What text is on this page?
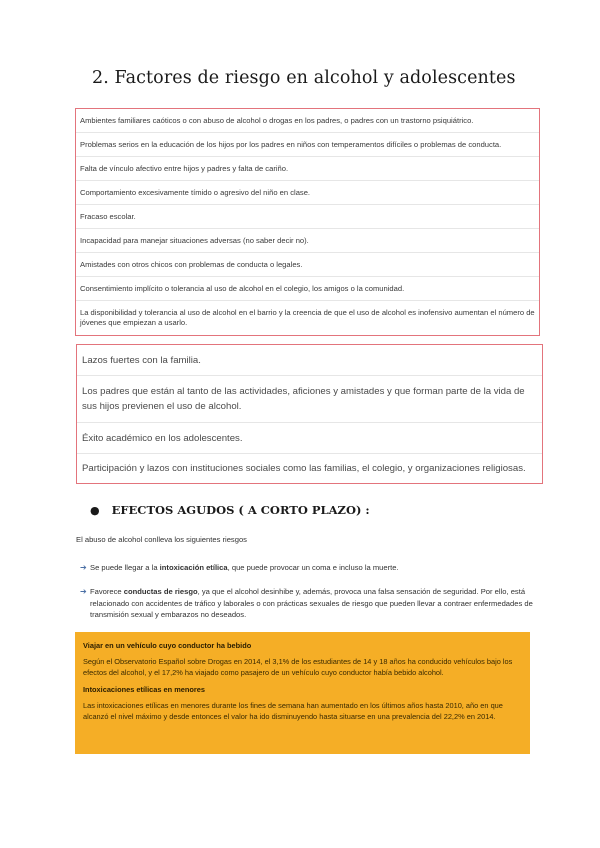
2. Factores de riesgo en alcohol y adolescentes
Ambientes familiares caóticos o con abuso de alcohol o drogas en los padres, o padres con un trastorno psiquiátrico.
Problemas serios en la educación de los hijos por los padres en niños con temperamentos difíciles o problemas de conducta.
Falta de vínculo afectivo entre hijos y padres y falta de cariño.
Comportamiento excesivamente tímido o agresivo del niño en clase.
Fracaso escolar.
Incapacidad para manejar situaciones adversas (no saber decir no).
Amistades con otros chicos con problemas de conducta o legales.
Consentimiento implícito o tolerancia al uso de alcohol en el colegio, los amigos o la comunidad.
La disponibilidad y tolerancia al uso de alcohol en el barrio y la creencia de que el uso de alcohol es inofensivo aumentan el número de jóvenes que empiezan a usarlo.
Lazos fuertes con la familia.
Los padres que están al tanto de las actividades, aficiones y amistades y que forman parte de la vida de sus hijos previenen el uso de alcohol.
Éxito académico en los adolescentes.
Participación y lazos con instituciones sociales como las familias, el colegio, y organizaciones religiosas.
● EFECTOS AGUDOS ( A CORTO PLAZO) :
El abuso de alcohol conlleva los siguientes riesgos
➔ Se puede llegar a la intoxicación etílica, que puede provocar un coma e incluso la muerte.
➔ Favorece conductas de riesgo, ya que el alcohol desinhibe y, además, provoca una falsa sensación de seguridad. Por ello, está relacionado con accidentes de tráfico y laborales o con prácticas sexuales de riesgo que pueden llevar a contraer enfermedades de transmisión sexual y embarazos no deseados.
Viajar en un vehículo cuyo conductor ha bebido

Según el Observatorio Español sobre Drogas en 2014, el 3,1% de los estudiantes de 14 y 18 años ha conducido vehículos bajo los efectos del alcohol, y el 17,2% ha viajado como pasajero de un vehículo cuyo conductor había bebido alcohol.

Intoxicaciones etílicas en menores

Las intoxicaciones etílicas en menores durante los fines de semana han aumentado en los últimos años hasta 2010, año en que alcanzó el nivel máximo y desde entonces el valor ha ido disminuyendo hasta situarse en una prevalencia del 22,2% en 2014.
